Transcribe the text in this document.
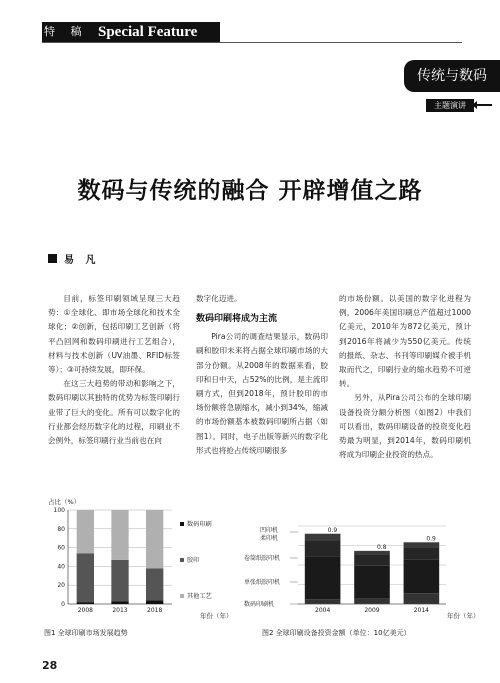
特 稿 Special Feature
传统与数码
主题演讲
数码与传统的融合 开辟增值之路
易 凡

目前，标签印刷领域呈现三大趋势：①全球化、即市场全球化和技术全球化；②创新，包括印刷工艺创新（将平凸回网和数码印刷进行工艺组合），材料与技术创新（UV油墨、RFID标签等）；③可持续发展，即环保。

在这三大趋势的带动和影响之下，数码印刷以其独特的优势为标签印刷行业带了巨大的变化。所有可以数字化的行业都会经历数字化的过程，印刷业不会例外，标签印刷行业当前也在向

数字化迈进。

数码印刷将成为主流

Pira公司的调查结果显示，数码印刷和胶印未来将占据全球印刷市场的大部分份额。从2008年的数据来看，胶印和日中天，占52%的比例，是主流印刷方式，但到2018年，预计胶印的市场份额将急剧缩水，减小到34%，缩减的市场份额基本被数码印刷所占据（如图1）。同时，电子出版等新兴的数字化形式也将抢占传统印刷很多

的市场份额。以美国的数字化进程为例，2006年美国印刷总产值超过1000亿美元，2010年为872亿美元，预计到2016年将减少为550亿美元。传统的报纸、杂志、书刊等印刷媒介被手机取而代之，印刷行业的缩水趋势不可逆转。

另外，从Pira公司公布的全球印刷设备投资分额分析图（如图2）中我们可以看出，数码印刷设备的投资变化趋势最为明显，到2014年，数码印刷机将成为印刷企业投资的热点。

0
20
40
60
80
100
2008	2013	2018
数码印刷
胶印
其他工艺
占比（%）
年份（年）
图1 全球印刷市场发展趋势
0.9
0.8
0.9
2004	2009	2014
数码印刷机
单张纸胶印机
卷筒纸胶印机
凹印机
柔印机
年份（年）
图2 全球印刷设备投资金额（单位：10亿美元）
28
